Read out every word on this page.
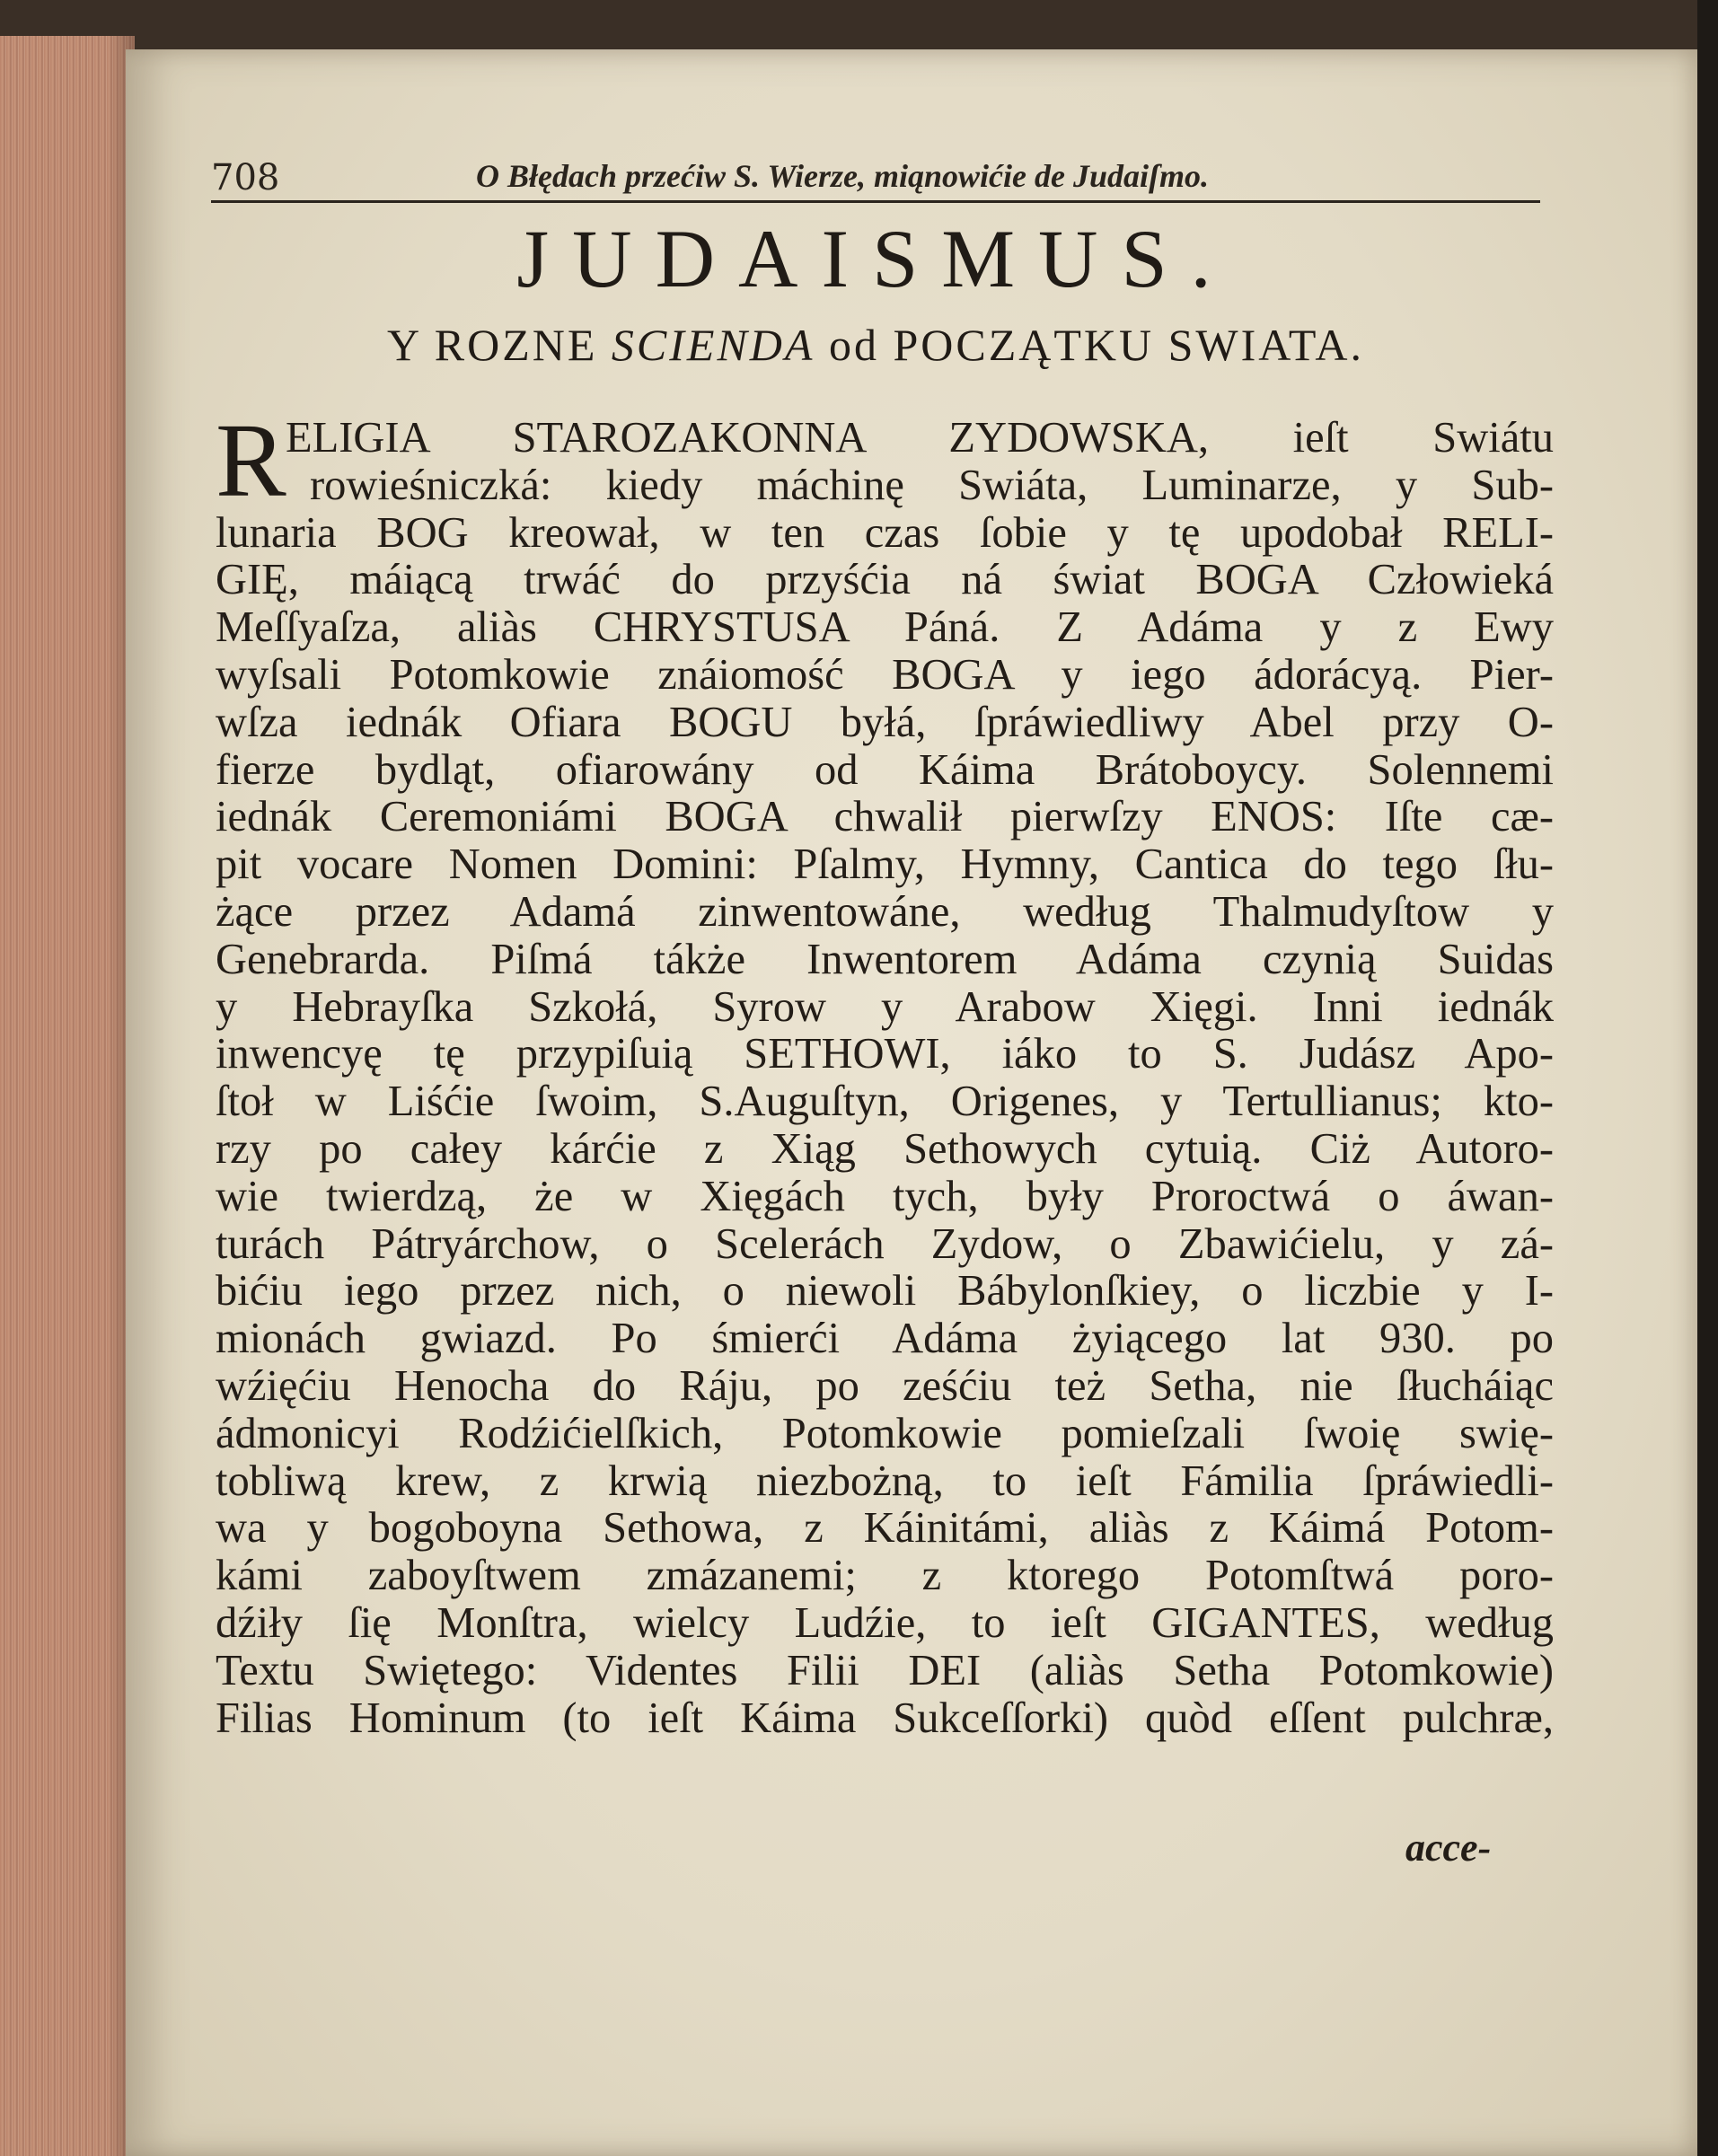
708	O Błędach przećiw S. Wierze, miąnowićie de Judaiſmo.
JUDAISMUS.
Y ROZNE SCIENDA od POCZĄTKU SWIATA.
R ELIGIA STAROZAKONNA ZYDOWSKA, ieſt Swiátu
rowieśniczká: kiedy máchinę Swiáta, Luminarze, y Sub-
lunaria BOG kreował, w ten czas ſobie y tę upodobał RELI-
GIĘ, máiącą trwáć do przyśćia ná świat BOGA Człowieká
Meſſyaſza, aliàs CHRYSTUSA Páná. Z Adáma y z Ewy
wyſsali Potomkowie znáiomość BOGA y iego ádorácyą. Pier-
wſza iednák Ofiara BOGU byłá, ſpráwiedliwy Abel przy O-
fierze bydląt, ofiarowány od Káima Brátoboycy. Solennemi
iednák Ceremoniámi BOGA chwalił pierwſzy ENOS: Iſte cæ-
pit vocare Nomen Domini: Pſalmy, Hymny, Cantica do tego ſłu-
żące przez Adamá zinwentowáne, według Thalmudyſtow y
Genebrarda. Piſmá tákże Inwentorem Adáma czynią Suidas
y Hebrayſka Szkołá, Syrow y Arabow Xięgi. Inni iednák
inwencyę tę przypiſuią SETHOWI, iáko to S. Judász Apo-
ſtoł w Liśćie ſwoim, S.Auguſtyn, Origenes, y Tertullianus; kto-
rzy po całey kárćie z Xiąg Sethowych cytuią. Ciż Autoro-
wie twierdzą, że w Xięgách tych, były Proroctwá o áwan-
turách Pátryárchow, o Scelerách Zydow, o Zbawićielu, y zá-
bićiu iego przez nich, o niewoli Bábylonſkiey, o liczbie y I-
mionách gwiazd. Po śmierći Adáma żyiącego lat 930. po
wźięćiu Henocha do Ráju, po ześćiu też Setha, nie ſłucháiąc
ádmonicyi Rodźićielſkich, Potomkowie pomieſzali ſwoię swię-
tobliwą krew, z krwią niezbożną, to ieſt Fámilia ſpráwiedli-
wa y bogoboyna Sethowa, z Káinitámi, aliàs z Káimá Potom-
kámi zaboyſtwem zmázanemi; z ktorego Potomſtwá poro-
dźiły ſię Monſtra, wielcy Ludźie, to ieſt GIGANTES, według
Textu Swiętego: Videntes Filii DEI (aliàs Setha Potomkowie)
Filias Hominum (to ieſt Káima Sukceſſorki) quòd eſſent pulchræ,
acce-
